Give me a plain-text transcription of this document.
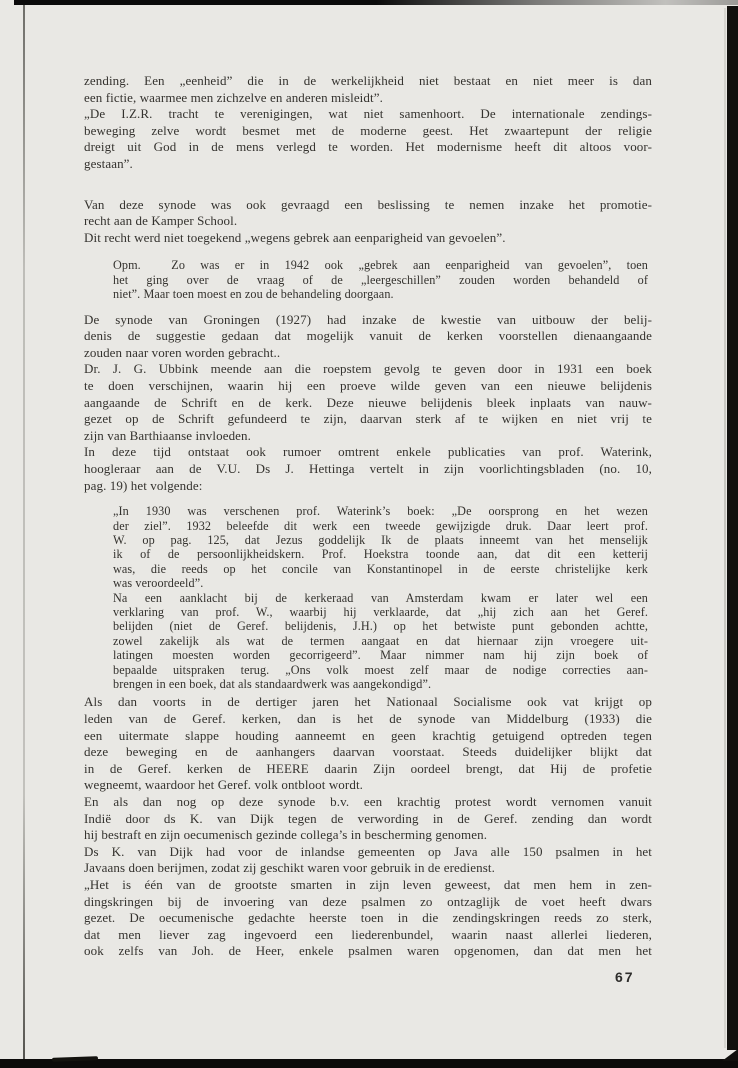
zending. Een „eenheid” die in de werkelijkheid niet bestaat en niet meer is dan
een fictie, waarmee men zichzelve en anderen misleidt”.
„De I.Z.R. tracht te verenigingen, wat niet samenhoort. De internationale zendings-
beweging zelve wordt besmet met de moderne geest. Het zwaartepunt der religie
dreigt uit God in de mens verlegd te worden. Het modernisme heeft dit altoos voor-
gestaan”.
Van deze synode was ook gevraagd een beslissing te nemen inzake het promotie-
recht aan de Kamper School.
Dit recht werd niet toegekend „wegens gebrek aan eenparigheid van gevoelen”.
Opm.  Zo was er in 1942 ook „gebrek aan eenparigheid van gevoelen”, toen
het ging over de vraag of de „leergeschillen” zouden worden behandeld of
niet”. Maar toen moest en zou de behandeling doorgaan.
De synode van Groningen (1927) had inzake de kwestie van uitbouw der belij-
denis de suggestie gedaan dat mogelijk vanuit de kerken voorstellen dienaangaande
zouden naar voren worden gebracht..
Dr. J. G. Ubbink meende aan die roepstem gevolg te geven door in 1931 een boek
te doen verschijnen, waarin hij een proeve wilde geven van een nieuwe belijdenis
aangaande de Schrift en de kerk. Deze nieuwe belijdenis bleek inplaats van nauw-
gezet op de Schrift gefundeerd te zijn, daarvan sterk af te wijken en niet vrij te
zijn van Barthiaanse invloeden.
In deze tijd ontstaat ook rumoer omtrent enkele publicaties van prof. Waterink,
hoogleraar aan de V.U. Ds J. Hettinga vertelt in zijn voorlichtingsbladen (no. 10,
pag. 19) het volgende:
„In 1930 was verschenen prof. Waterink’s boek: „De oorsprong en het wezen
der ziel”. 1932 beleefde dit werk een tweede gewijzigde druk. Daar leert prof.
W. op pag. 125, dat Jezus goddelijk Ik de plaats inneemt van het menselijk
ik of de persoonlijkheidskern. Prof. Hoekstra toonde aan, dat dit een ketterij
was, die reeds op het concile van Konstantinopel in de eerste christelijke kerk
was veroordeeld”.
Na een aanklacht bij de kerkeraad van Amsterdam kwam er later wel een
verklaring van prof. W., waarbij hij verklaarde, dat „hij zich aan het Geref.
belijden (niet de Geref. belijdenis, J.H.) op het betwiste punt gebonden achtte,
zowel zakelijk als wat de termen aangaat en dat hiernaar zijn vroegere uit-
latingen moesten worden gecorrigeerd”. Maar nimmer nam hij zijn boek of
bepaalde uitspraken terug. „Ons volk moest zelf maar de nodige correcties aan-
brengen in een boek, dat als standaardwerk was aangekondigd”.
Als dan voorts in de dertiger jaren het Nationaal Socialisme ook vat krijgt op
leden van de Geref. kerken, dan is het de synode van Middelburg (1933) die
een uitermate slappe houding aanneemt en geen krachtig getuigend optreden tegen
deze beweging en de aanhangers daarvan voorstaat. Steeds duidelijker blijkt dat
in de Geref. kerken de HEERE daarin Zijn oordeel brengt, dat Hij de profetie
wegneemt, waardoor het Geref. volk ontbloot wordt.
En als dan nog op deze synode b.v. een krachtig protest wordt vernomen vanuit
Indië door ds K. van Dijk tegen de verwording in de Geref. zending dan wordt
hij bestraft en zijn oecumenisch gezinde collega’s in bescherming genomen.
Ds K. van Dijk had voor de inlandse gemeenten op Java alle 150 psalmen in het
Javaans doen berijmen, zodat zij geschikt waren voor gebruik in de eredienst.
„Het is één van de grootste smarten in zijn leven geweest, dat men hem in zen-
dingskringen bij de invoering van deze psalmen zo ontzaglijk de voet heeft dwars
gezet. De oecumenische gedachte heerste toen in die zendingskringen reeds zo sterk,
dat men liever zag ingevoerd een liederenbundel, waarin naast allerlei liederen,
ook zelfs van Joh. de Heer, enkele psalmen waren opgenomen, dan dat men het
67
